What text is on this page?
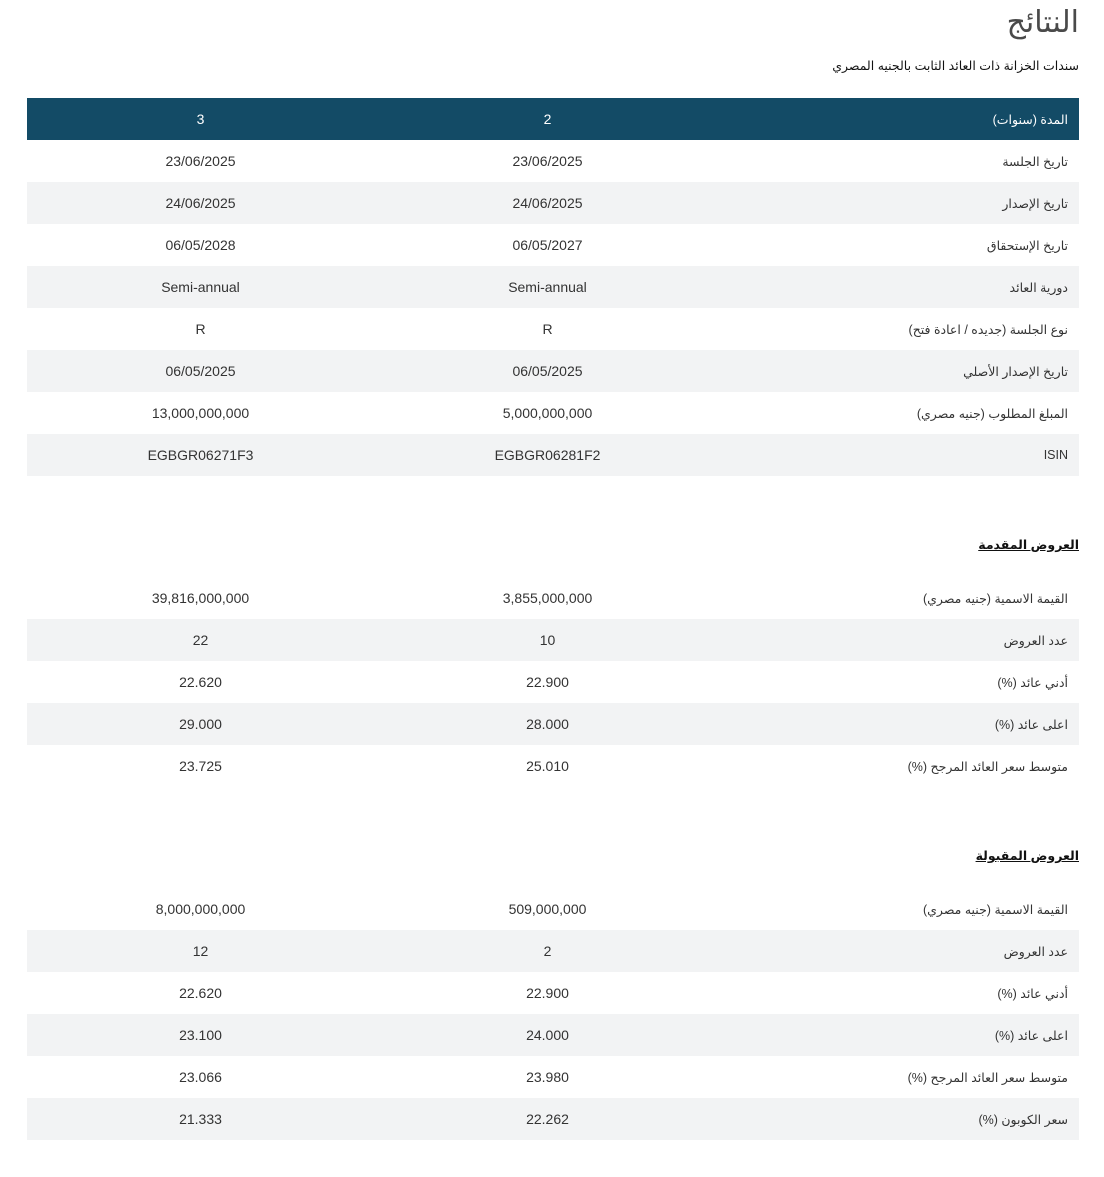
النتائج

سندات الخزانة ذات العائد الثابت بالجنيه المصري

المدة (سنوات)	2	3
تاريخ الجلسة	23/06/2025	23/06/2025
تاريخ الإصدار	24/06/2025	24/06/2025
تاريخ الإستحقاق	06/05/2027	06/05/2028
دورية العائد	Semi-annual	Semi-annual
نوع الجلسة (جديده / اعادة فتح)	R	R
تاريخ الإصدار الأصلي	06/05/2025	06/05/2025
المبلغ المطلوب (جنيه مصري)	5,000,000,000	13,000,000,000
ISIN	EGBGR06281F2	EGBGR06271F3
العروض المقدمة
القيمة الاسمية (جنيه مصري)	3,855,000,000	39,816,000,000
عدد العروض	10	22
أدني عائد (%)	22.900	22.620
اعلى عائد (%)	28.000	29.000
متوسط سعر العائد المرجح (%)	25.010	23.725
العروض المقبولة
القيمة الاسمية (جنيه مصري)	509,000,000	8,000,000,000
عدد العروض	2	12
أدني عائد (%)	22.900	22.620
اعلى عائد (%)	24.000	23.100
متوسط سعر العائد المرجح (%)	23.980	23.066
سعر الكوبون (%)	22.262	21.333
